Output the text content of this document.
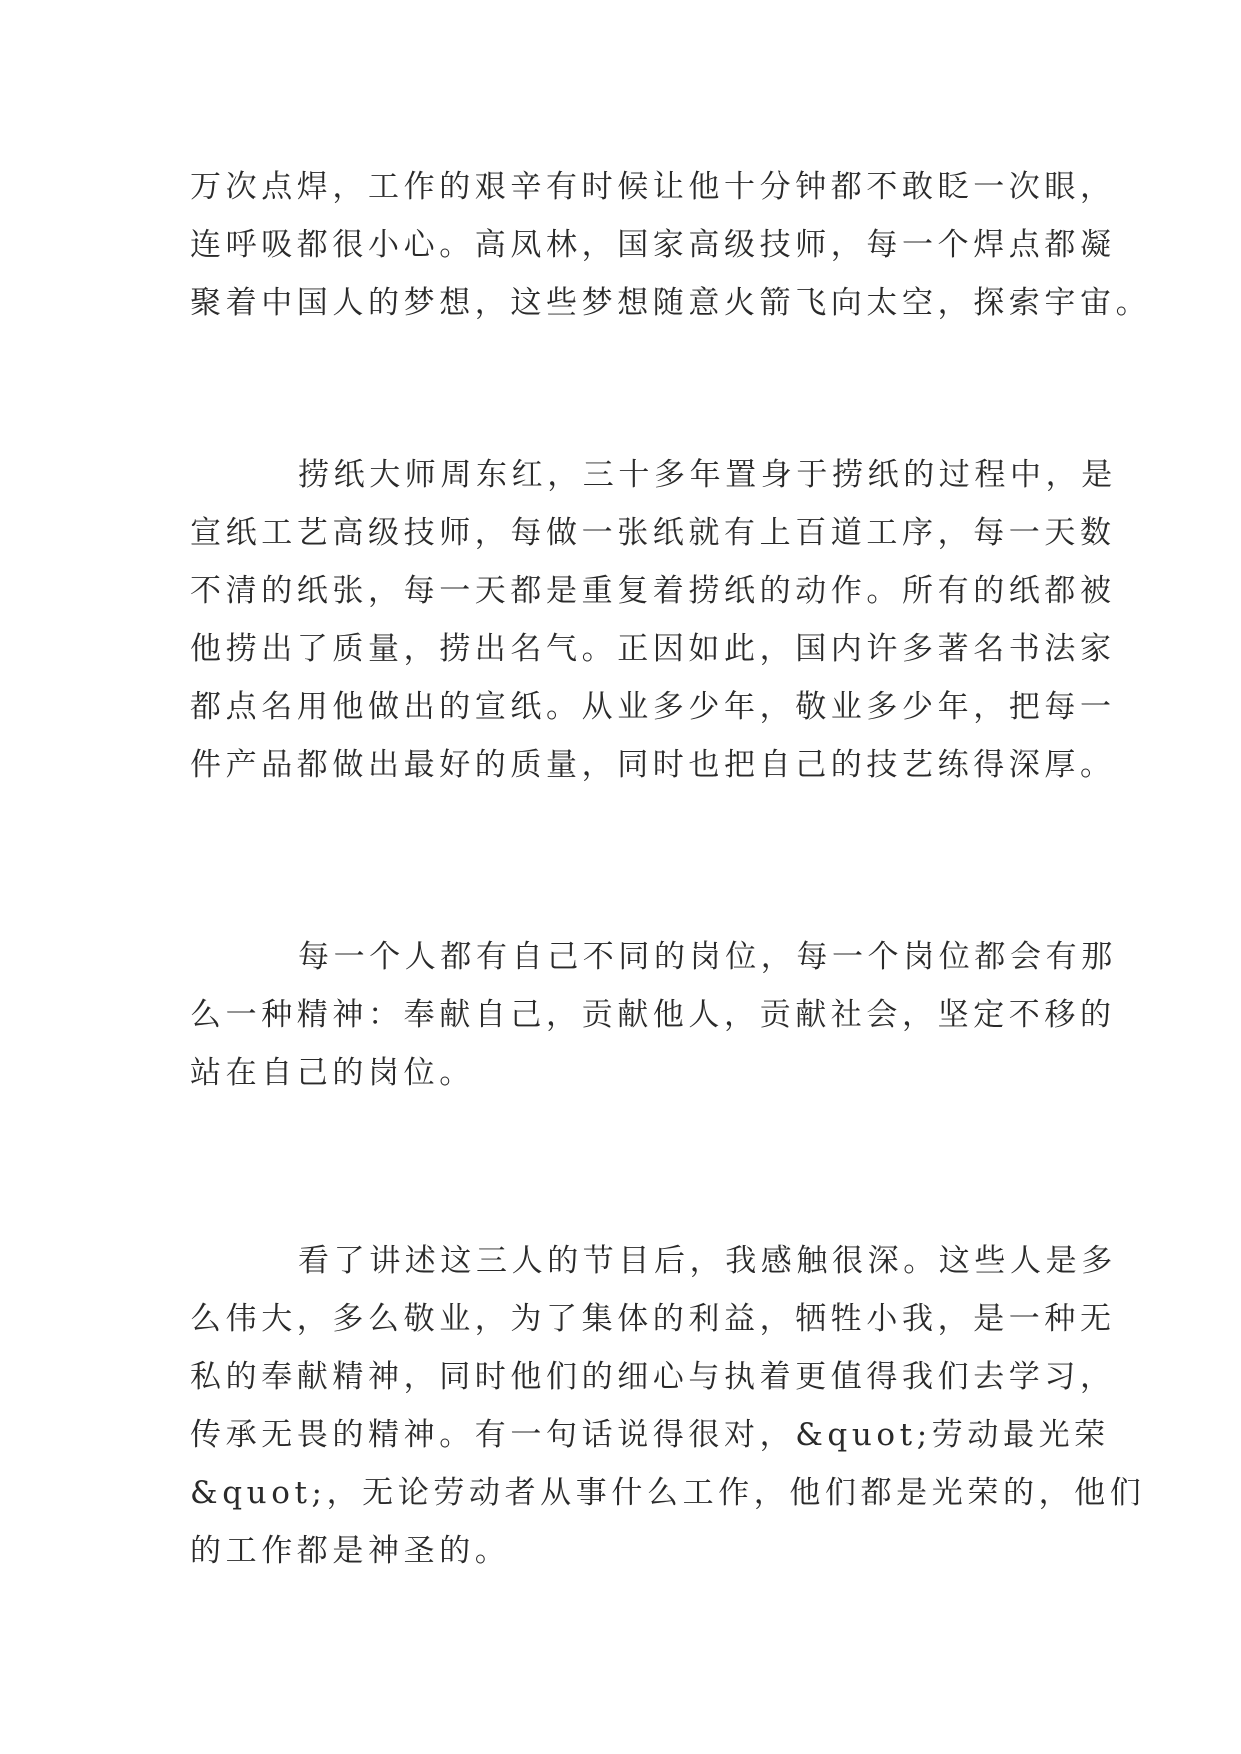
万次点焊，工作的艰辛有时候让他十分钟都不敢眨一次眼，
连呼吸都很小心。高凤林，国家高级技师，每一个焊点都凝
聚着中国人的梦想，这些梦想随意火箭飞向太空，探索宇宙。
捞纸大师周东红，三十多年置身于捞纸的过程中，是
宣纸工艺高级技师，每做一张纸就有上百道工序，每一天数
不清的纸张，每一天都是重复着捞纸的动作。所有的纸都被
他捞出了质量，捞出名气。正因如此，国内许多著名书法家
都点名用他做出的宣纸。从业多少年，敬业多少年，把每一
件产品都做出最好的质量，同时也把自己的技艺练得深厚。
每一个人都有自己不同的岗位，每一个岗位都会有那
么一种精神：奉献自己，贡献他人，贡献社会，坚定不移的
站在自己的岗位。
看了讲述这三人的节目后，我感触很深。这些人是多
么伟大，多么敬业，为了集体的利益，牺牲小我，是一种无
私的奉献精神，同时他们的细心与执着更值得我们去学习，
传承无畏的精神。有一句话说得很对，&quot;劳动最光荣
&quot;，无论劳动者从事什么工作，他们都是光荣的，他们
的工作都是神圣的。
